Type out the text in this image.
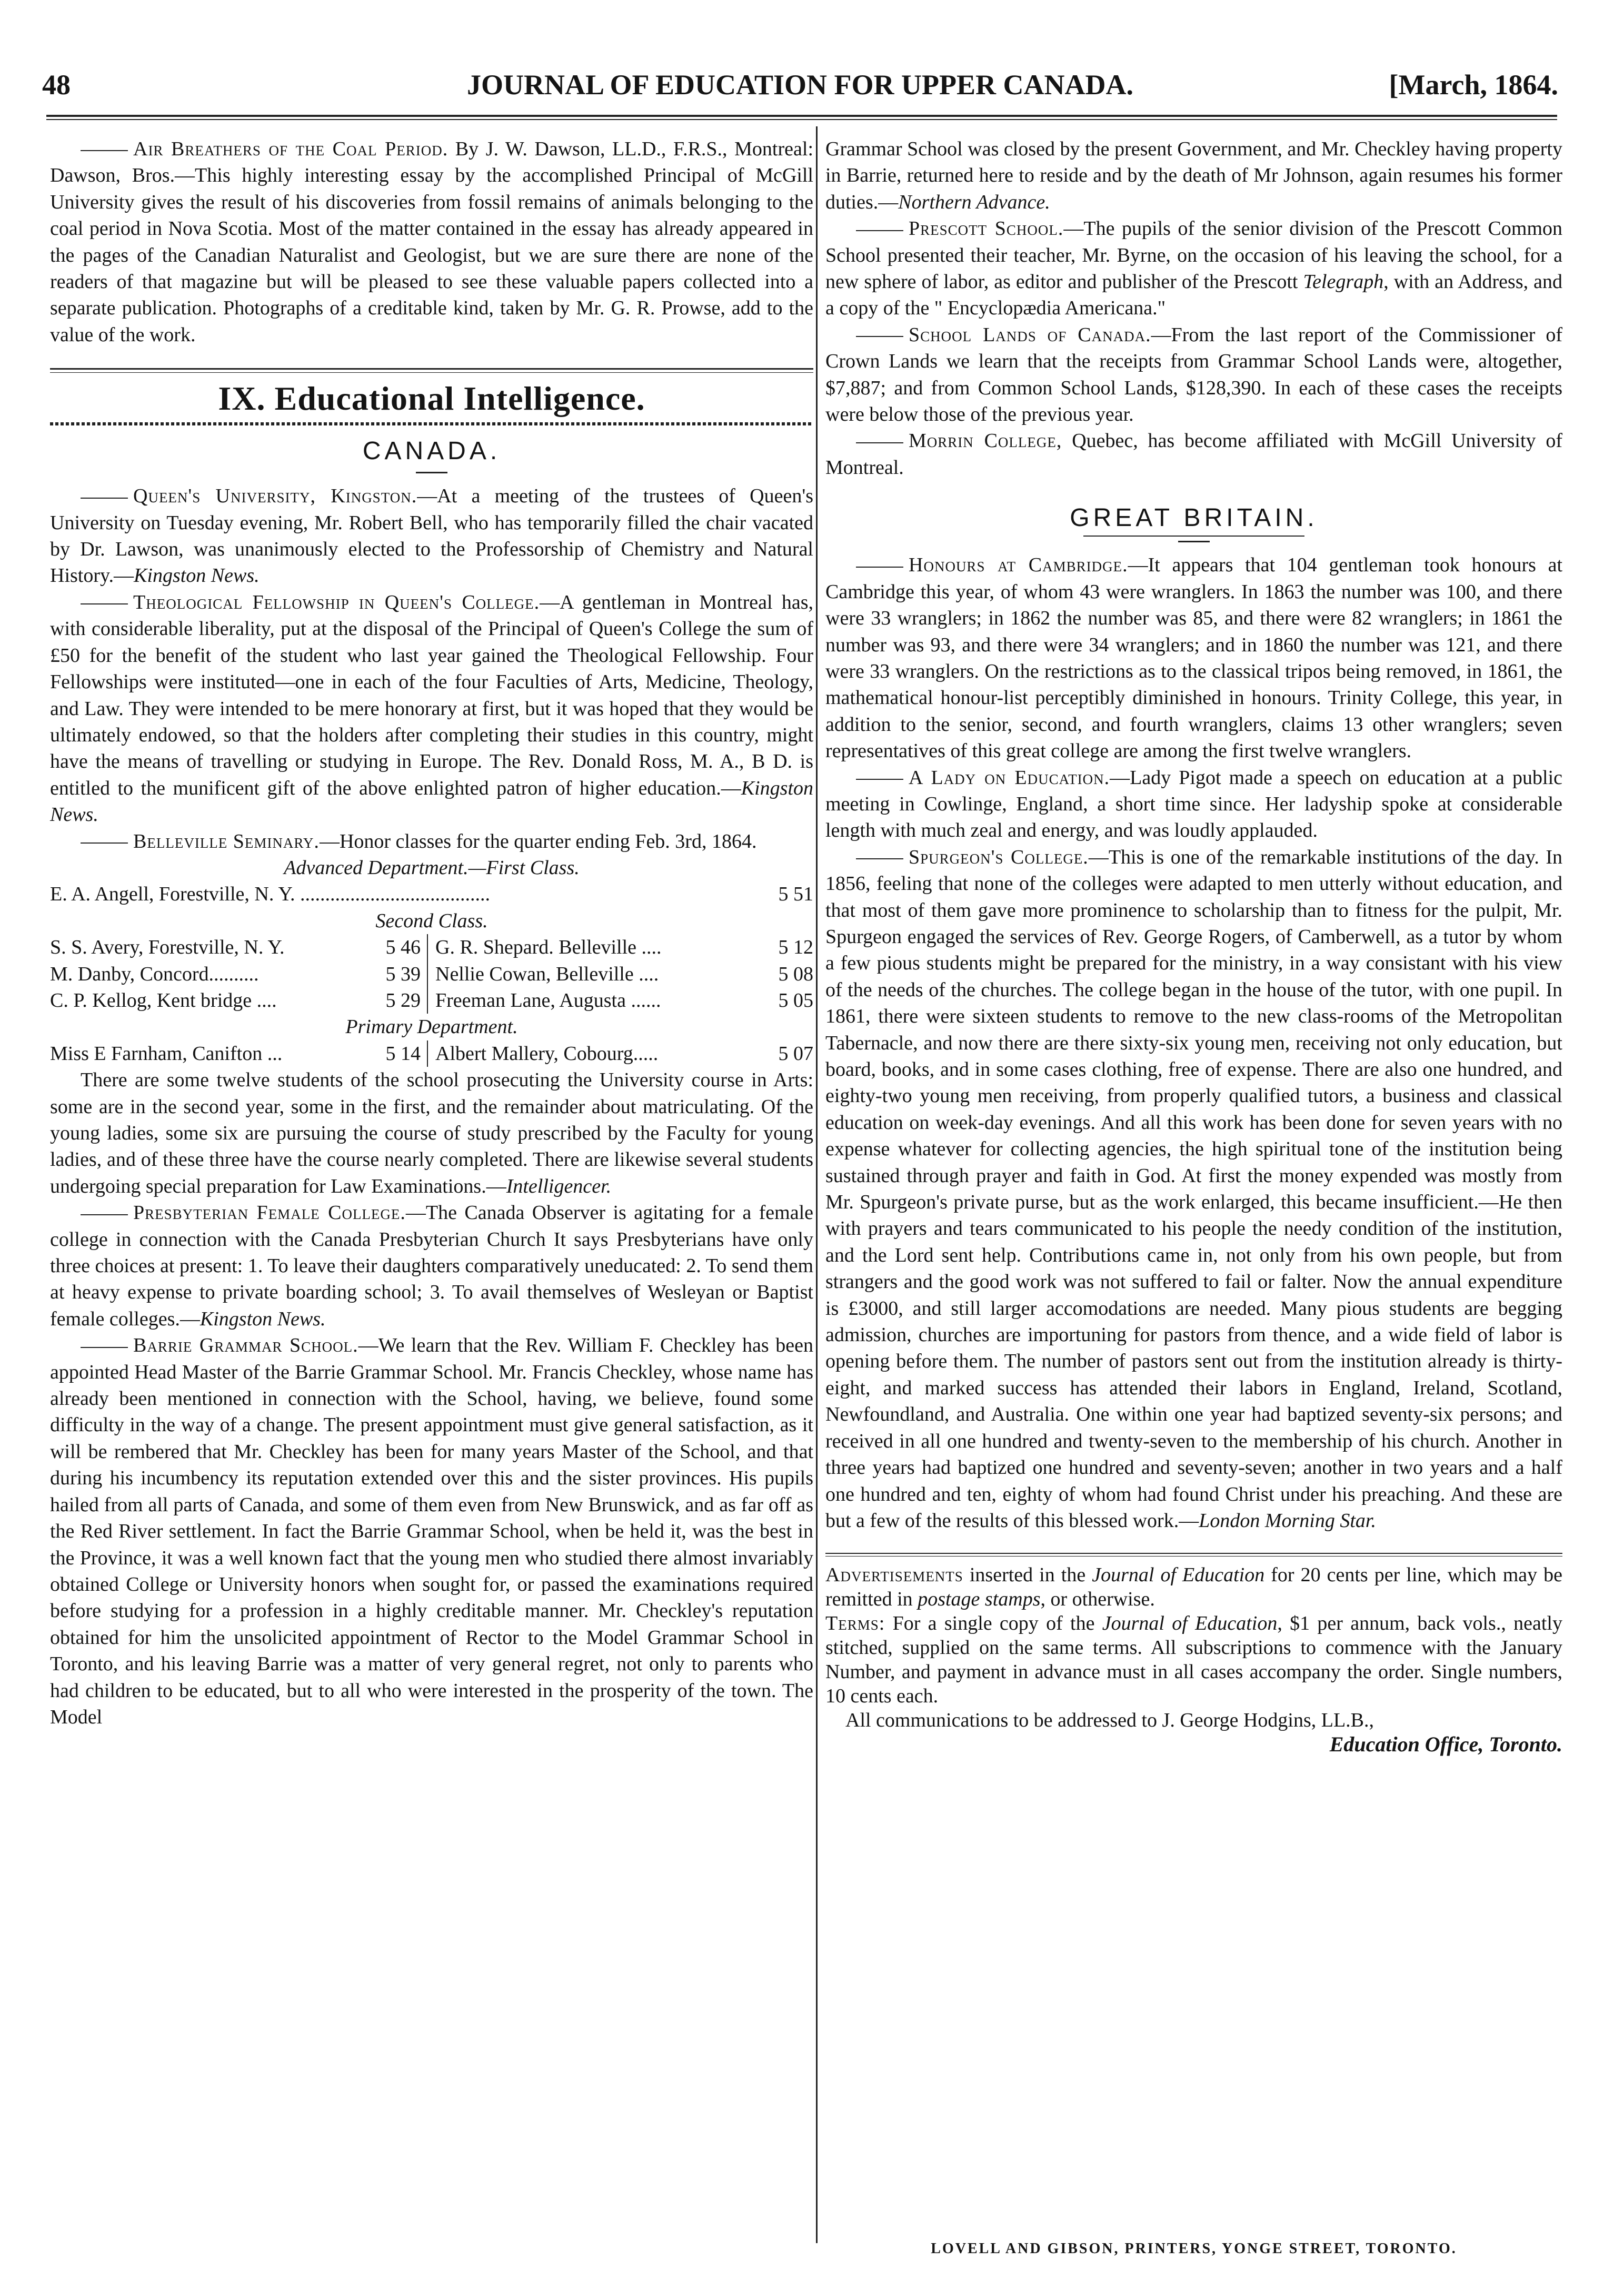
48	JOURNAL OF EDUCATION FOR UPPER CANADA.	[March, 1864.

Air Breathers of the Coal Period. By J. W. Dawson, LL.D., F.R.S., Montreal: Dawson, Bros.—This highly interesting essay by the accomplished Principal of McGill University gives the result of his discoveries from fossil remains of animals belonging to the coal period in Nova Scotia. Most of the matter contained in the essay has already appeared in the pages of the Canadian Naturalist and Geologist, but we are sure there are none of the readers of that magazine but will be pleased to see these valuable papers collected into a separate publication. Photographs of a creditable kind, taken by Mr. G. R. Prowse, add to the value of the work.

IX. Educational Intelligence.
CANADA.

Queen's University, Kingston.—At a meeting of the trustees of Queen's University on Tuesday evening, Mr. Robert Bell, who has temporarily filled the chair vacated by Dr. Lawson, was unanimously elected to the Professorship of Chemistry and Natural History.—Kingston News.

Theological Fellowship in Queen's College.—A gentleman in Montreal has, with considerable liberality, put at the disposal of the Principal of Queen's College the sum of £50 for the benefit of the student who last year gained the Theological Fellowship. Four Fellowships were instituted—one in each of the four Faculties of Arts, Medicine, Theology, and Law. They were intended to be mere honorary at first, but it was hoped that they would be ultimately endowed, so that the holders after completing their studies in this country, might have the means of travelling or studying in Europe. The Rev. Donald Ross, M. A., B D. is entitled to the munificent gift of the above enlighted patron of higher education.—Kingston News.

Belleville Seminary.—Honor classes for the quarter ending Feb. 3rd, 1864.

Advanced Department.—First Class.
E. A. Angell, Forestville, N. Y. ......................................	5 51
Second Class.
S. S. Avery, Forestville, N. Y.	5 46 G. R. Shepard. Belleville ....	5 12
M. Danby, Concord..........	5 39 Nellie Cowan, Belleville ....	5 08
C. P. Kellog, Kent bridge ....	5 29 Freeman Lane, Augusta ......	5 05
Primary Department.
Miss E Farnham, Canifton ...	5 14 Albert Mallery, Cobourg.....	5 07

There are some twelve students of the school prosecuting the University course in Arts: some are in the second year, some in the first, and the remainder about matriculating. Of the young ladies, some six are pursuing the course of study prescribed by the Faculty for young ladies, and of these three have the course nearly completed. There are likewise several students undergoing special preparation for Law Examinations.—Intelligencer.

Presbyterian Female College.—The Canada Observer is agitating for a female college in connection with the Canada Presbyterian Church It says Presbyterians have only three choices at present: 1. To leave their daughters comparatively uneducated: 2. To send them at heavy expense to private boarding school; 3. To avail themselves of Wesleyan or Baptist female colleges.—Kingston News.

Barrie Grammar School.—We learn that the Rev. William F. Checkley has been appointed Head Master of the Barrie Grammar School. Mr. Francis Checkley, whose name has already been mentioned in connection with the School, having, we believe, found some difficulty in the way of a change. The present appointment must give general satisfaction, as it will be rembered that Mr. Checkley has been for many years Master of the School, and that during his incumbency its reputation extended over this and the sister provinces. His pupils hailed from all parts of Canada, and some of them even from New Brunswick, and as far off as the Red River settlement. In fact the Barrie Grammar School, when be held it, was the best in the Province, it was a well known fact that the young men who studied there almost invariably obtained College or University honors when sought for, or passed the examinations required before studying for a profession in a highly creditable manner. Mr. Checkley's reputation obtained for him the unsolicited appointment of Rector to the Model Grammar School in Toronto, and his leaving Barrie was a matter of very general regret, not only to parents who had children to be educated, but to all who were interested in the prosperity of the town. The Model

Grammar School was closed by the present Government, and Mr. Checkley having property in Barrie, returned here to reside and by the death of Mr Johnson, again resumes his former duties.—Northern Advance.

Prescott School.—The pupils of the senior division of the Prescott Common School presented their teacher, Mr. Byrne, on the occasion of his leaving the school, for a new sphere of labor, as editor and publisher of the Prescott Telegraph, with an Address, and a copy of the " Encyclopædia Americana."

School Lands of Canada.—From the last report of the Commissioner of Crown Lands we learn that the receipts from Grammar School Lands were, altogether, $7,887; and from Common School Lands, $128,390. In each of these cases the receipts were below those of the previous year.

Morrin College, Quebec, has become affiliated with McGill University of Montreal.

GREAT BRITAIN.

Honours at Cambridge.—It appears that 104 gentleman took honours at Cambridge this year, of whom 43 were wranglers. In 1863 the number was 100, and there were 33 wranglers; in 1862 the number was 85, and there were 82 wranglers; in 1861 the number was 93, and there were 34 wranglers; and in 1860 the number was 121, and there were 33 wranglers. On the restrictions as to the classical tripos being removed, in 1861, the mathematical honour-list perceptibly diminished in honours. Trinity College, this year, in addition to the senior, second, and fourth wranglers, claims 13 other wranglers; seven representatives of this great college are among the first twelve wranglers.

A Lady on Education.—Lady Pigot made a speech on education at a public meeting in Cowlinge, England, a short time since. Her ladyship spoke at considerable length with much zeal and energy, and was loudly applauded.

Spurgeon's College.—This is one of the remarkable institutions of the day. In 1856, feeling that none of the colleges were adapted to men utterly without education, and that most of them gave more prominence to scholarship than to fitness for the pulpit, Mr. Spurgeon engaged the services of Rev. George Rogers, of Camberwell, as a tutor by whom a few pious students might be prepared for the ministry, in a way consistant with his view of the needs of the churches. The college began in the house of the tutor, with one pupil. In 1861, there were sixteen students to remove to the new class-rooms of the Metropolitan Tabernacle, and now there are there sixty-six young men, receiving not only education, but board, books, and in some cases clothing, free of expense. There are also one hundred, and eighty-two young men receiving, from properly qualified tutors, a business and classical education on week-day evenings. And all this work has been done for seven years with no expense whatever for collecting agencies, the high spiritual tone of the institution being sustained through prayer and faith in God. At first the money expended was mostly from Mr. Spurgeon's private purse, but as the work enlarged, this became insufficient.—He then with prayers and tears communicated to his people the needy condition of the institution, and the Lord sent help. Contributions came in, not only from his own people, but from strangers and the good work was not suffered to fail or falter. Now the annual expenditure is £3000, and still larger accomodations are needed. Many pious students are begging admission, churches are importuning for pastors from thence, and a wide field of labor is opening before them. The number of pastors sent out from the institution already is thirty-eight, and marked success has attended their labors in England, Ireland, Scotland, Newfoundland, and Australia. One within one year had baptized seventy-six persons; and received in all one hundred and twenty-seven to the membership of his church. Another in three years had baptized one hundred and seventy-seven; another in two years and a half one hundred and ten, eighty of whom had found Christ under his preaching. And these are but a few of the results of this blessed work.—London Morning Star.

Advertisements inserted in the Journal of Education for 20 cents per line, which may be remitted in postage stamps, or otherwise.

Terms: For a single copy of the Journal of Education, $1 per annum, back vols., neatly stitched, supplied on the same terms. All subscriptions to commence with the January Number, and payment in advance must in all cases accompany the order. Single numbers, 10 cents each.

All communications to be addressed to J. George Hodgins, LL.B.,

Education Office, Toronto.
LOVELL AND GIBSON, PRINTERS, YONGE STREET, TORONTO.
